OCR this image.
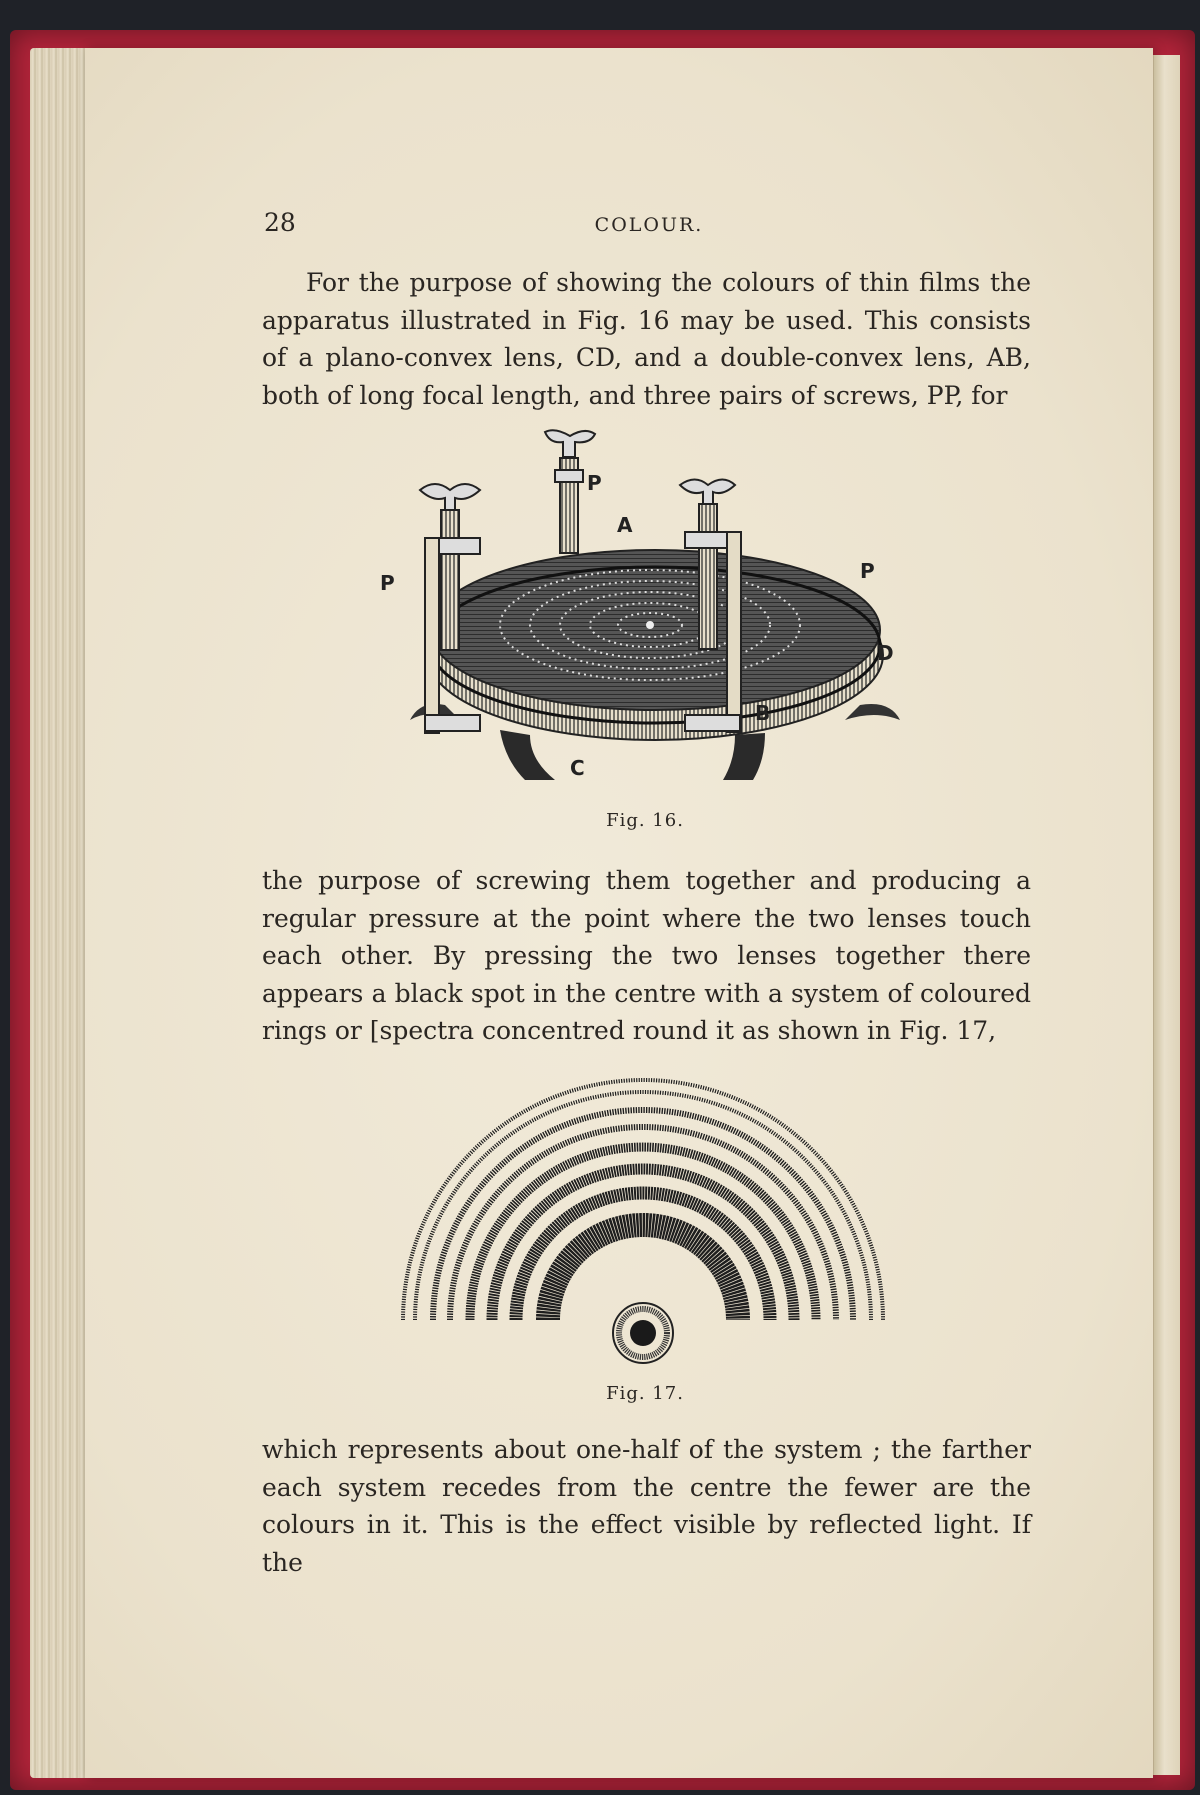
28	COLOUR.

For the purpose of showing the colours of thin films the apparatus illustrated in Fig. 16 may be used. This consists of a plano-convex lens, CD, and a double-convex lens, AB, both of long focal length, and three pairs of screws, PP, for

P
A
P	P
D
B
C
Fig. 16.

the purpose of screwing them together and producing a regular pressure at the point where the two lenses touch each other. By pressing the two lenses together there appears a black spot in the centre with a system of coloured rings or [spectra concentred round it as shown in Fig. 17,

Fig. 17.

which represents about one-half of the system ; the farther each system recedes from the centre the fewer are the colours in it. This is the effect visible by reflected light. If the
